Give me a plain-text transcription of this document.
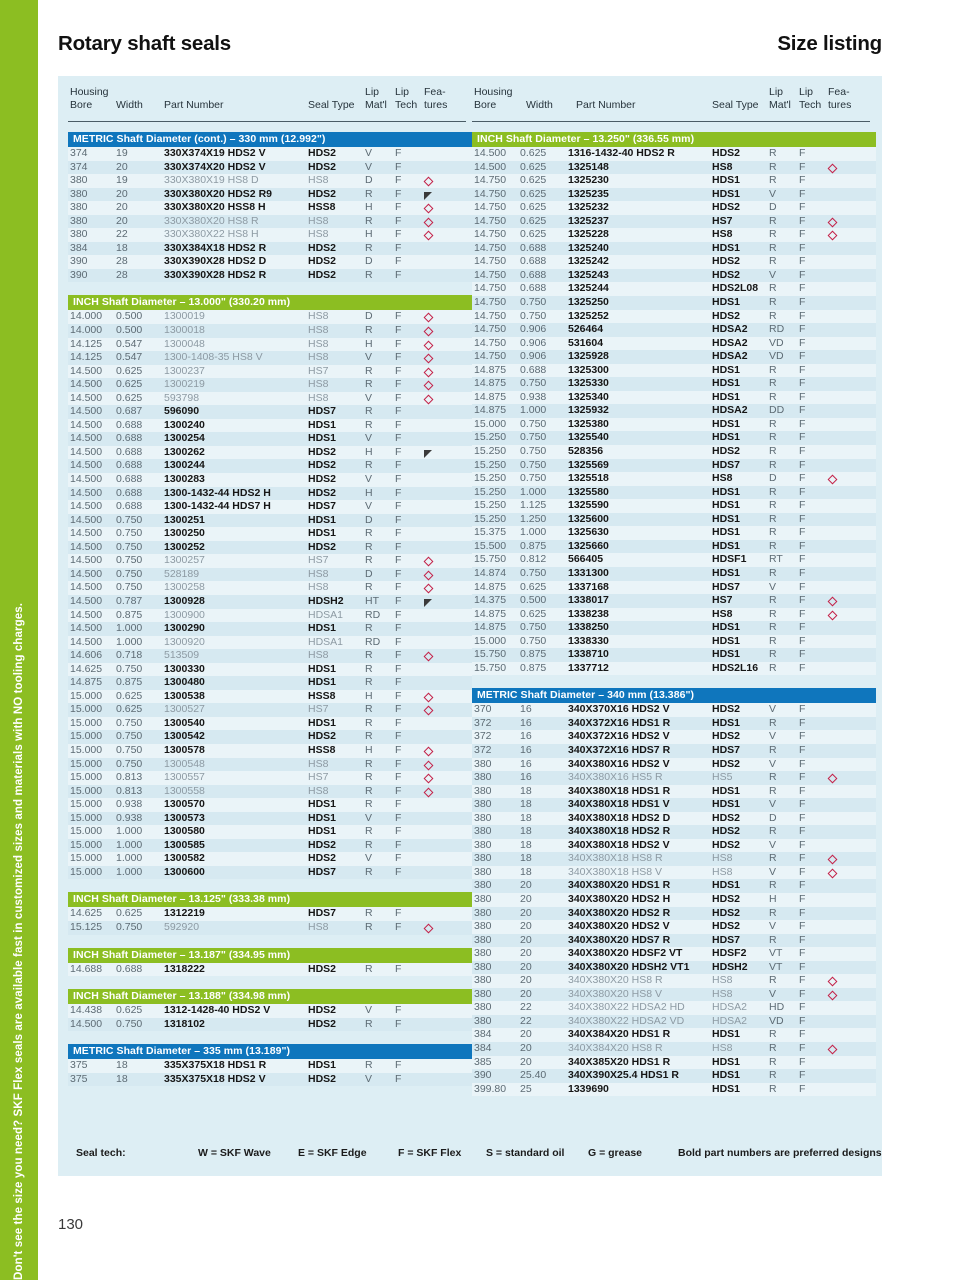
Don't see the size you need? SKF Flex seals are available fast in customized sizes and materials with NO tooling charges.
Rotary shaft seals	Size listing
Housing
Bore	Width Part Number	Seal Type
Lip
Mat'l
Lip
Tech
Fea-
tures
Housing
Bore	Width Part Number	Seal Type
Lip
Mat'l
Lip
Tech
Fea-
tures
METRIC Shaft Diameter (cont.) – 330 mm (12.992")
374	19	330X374X19 HDS2 V	HDS2	V	F
374	20	330X374X20 HDS2 V	HDS2	V	F
380	19	330X380X19 HS8 D	HS8	D	F
380	20	330X380X20 HDS2 R9	HDS2	R	F
380	20	330X380X20 HSS8 H	HSS8	H	F
380	20	330X380X20 HS8 R	HS8	R	F
380	22	330X380X22 HS8 H	HS8	H	F
384	18	330X384X18 HDS2 R	HDS2	R	F
390	28	330X390X28 HDS2 D	HDS2	D	F
390	28	330X390X28 HDS2 R	HDS2	R	F
INCH Shaft Diameter – 13.000" (330.20 mm)
14.000 0.500 1300019	HS8	D	F
14.000 0.500 1300018	HS8	R	F
14.125 0.547 1300048	HS8	H	F
14.125 0.547 1300-1408-35 HS8 V	HS8	V	F
14.500 0.625 1300237	HS7	R	F
14.500 0.625 1300219	HS8	R	F
14.500 0.625 593798	HS8	V	F
14.500 0.687 596090	HDS7	R	F
14.500 0.688 1300240	HDS1	R	F
14.500 0.688 1300254	HDS1	V	F
14.500 0.688 1300262	HDS2	H	F
14.500 0.688 1300244	HDS2	R	F
14.500 0.688 1300283	HDS2	V	F
14.500 0.688 1300-1432-44 HDS2 H	HDS2	H	F
14.500 0.688 1300-1432-44 HDS7 H	HDS7	V	F
14.500 0.750 1300251	HDS1	D	F
14.500 0.750 1300250	HDS1	R	F
14.500 0.750 1300252	HDS2	R	F
14.500 0.750 1300257	HS7	R	F
14.500 0.750 528189	HS8	D	F
14.500 0.750 1300258	HS8	R	F
14.500 0.787 1300928	HDSH2 HT	F
14.500 0.875 1300900	HDSA1 RD F
14.500 1.000 1300290	HDS1	R	F
14.500 1.000 1300920	HDSA1 RD F
14.606 0.718 513509	HS8	R	F
14.625 0.750 1300330	HDS1	R	F
14.875 0.875 1300480	HDS1	R	F
15.000 0.625 1300538	HSS8	H	F
15.000 0.625 1300527	HS7	R	F
15.000 0.750 1300540	HDS1	R	F
15.000 0.750 1300542	HDS2	R	F
15.000 0.750 1300578	HSS8	H	F
15.000 0.750 1300548	HS8	R	F
15.000 0.813 1300557	HS7	R	F
15.000 0.813 1300558	HS8	R	F
15.000 0.938 1300570	HDS1	R	F
15.000 0.938 1300573	HDS1	V	F
15.000 1.000 1300580	HDS1	R	F
15.000 1.000 1300585	HDS2	R	F
15.000 1.000 1300582	HDS2	V	F
15.000 1.000 1300600	HDS7	R	F
INCH Shaft Diameter – 13.125" (333.38 mm)
14.625 0.625 1312219	HDS7	R	F
15.125 0.750 592920	HS8	R	F
INCH Shaft Diameter – 13.187" (334.95 mm)
14.688 0.688 1318222	HDS2	R	F
INCH Shaft Diameter – 13.188" (334.98 mm)
14.438 0.625 1312-1428-40 HDS2 V	HDS2	V	F
14.500 0.750 1318102	HDS2	R	F
METRIC Shaft Diameter – 335 mm (13.189")
375	18	335X375X18 HDS1 R	HDS1	R	F
375	18	335X375X18 HDS2 V	HDS2	V	F
INCH Shaft Diameter – 13.250" (336.55 mm)
14.500 0.625 1316-1432-40 HDS2 R	HDS2	R	F
14.500 0.625 1325148	HS8	R	F
14.750 0.625 1325230	HDS1	R	F
14.750 0.625 1325235	HDS1	V	F
14.750 0.625 1325232	HDS2	D	F
14.750 0.625 1325237	HS7	R	F
14.750 0.625 1325228	HS8	R	F
14.750 0.688 1325240	HDS1	R	F
14.750 0.688 1325242	HDS2	R	F
14.750 0.688 1325243	HDS2	V	F
14.750 0.688 1325244	HDS2L08 R	F
14.750 0.750 1325250	HDS1	R	F
14.750 0.750 1325252	HDS2	R	F
14.750 0.906 526464	HDSA2 RD F
14.750 0.906 531604	HDSA2 VD	F
14.750 0.906 1325928	HDSA2 VD	F
14.875 0.688 1325300	HDS1	R	F
14.875 0.750 1325330	HDS1	R	F
14.875 0.938 1325340	HDS1	R	F
14.875 1.000 1325932	HDSA2 DD F
15.000 0.750 1325380	HDS1	R	F
15.250 0.750 1325540	HDS1	R	F
15.250 0.750 528356	HDS2	R	F
15.250 0.750 1325569	HDS7	R	F
15.250 0.750 1325518	HS8	D	F
15.250 1.000 1325580	HDS1	R	F
15.250 1.125 1325590	HDS1	R	F
15.250 1.250 1325600	HDS1	R	F
15.375 1.000 1325630	HDS1	R	F
15.500 0.875 1325660	HDS1	R	F
15.750 0.812 566405	HDSF1 RT	F
14.874 0.750 1331300	HDS1	R	F
14.875 0.625 1337168	HDS7	V	F
14.375 0.500 1338017	HS7	R	F
14.875 0.625 1338238	HS8	R	F
14.875 0.750 1338250	HDS1	R	F
15.000 0.750 1338330	HDS1	R	F
15.750 0.875 1338710	HDS1	R	F
15.750 0.875 1337712	HDS2L16 R	F
METRIC Shaft Diameter – 340 mm (13.386")
370	16	340X370X16 HDS2 V	HDS2	V	F
372	16	340X372X16 HDS1 R	HDS1	R	F
372	16	340X372X16 HDS2 V	HDS2	V	F
372	16	340X372X16 HDS7 R	HDS7	R	F
380	16	340X380X16 HDS2 V	HDS2	V	F
380	16	340X380X16 HS5 R	HS5	R	F
380	18	340X380X18 HDS1 R	HDS1	R	F
380	18	340X380X18 HDS1 V	HDS1	V	F
380	18	340X380X18 HDS2 D	HDS2	D	F
380	18	340X380X18 HDS2 R	HDS2	R	F
380	18	340X380X18 HDS2 V	HDS2	V	F
380	18	340X380X18 HS8 R	HS8	R	F
380	18	340X380X18 HS8 V	HS8	V	F
380	20	340X380X20 HDS1 R	HDS1	R	F
380	20	340X380X20 HDS2 H	HDS2	H	F
380	20	340X380X20 HDS2 R	HDS2	R	F
380	20	340X380X20 HDS2 V	HDS2	V	F
380	20	340X380X20 HDS7 R	HDS7	R	F
380	20	340X380X20 HDSF2 VT	HDSF2 VT	F
380	20	340X380X20 HDSH2 VT1 HDSH2 VT	F
380	20	340X380X20 HS8 R	HS8	R	F
380	20	340X380X20 HS8 V	HS8	V	F
380	22	340X380X22 HDSA2 HD	HDSA2 HD F
380	22	340X380X22 HDSA2 VD	HDSA2 VD	F
384	20	340X384X20 HDS1 R	HDS1	R	F
384	20	340X384X20 HS8 R	HS8	R	F
385	20	340X385X20 HDS1 R	HDS1	R	F
390	25.40 340X390X25.4 HDS1 R	HDS1	R	F
399.80 25	1339690	HDS1	R	F
Seal tech:	W = SKF Wave	E = SKF Edge	F = SKF Flex S = standard oil G = grease	Bold part numbers are preferred designs
130
